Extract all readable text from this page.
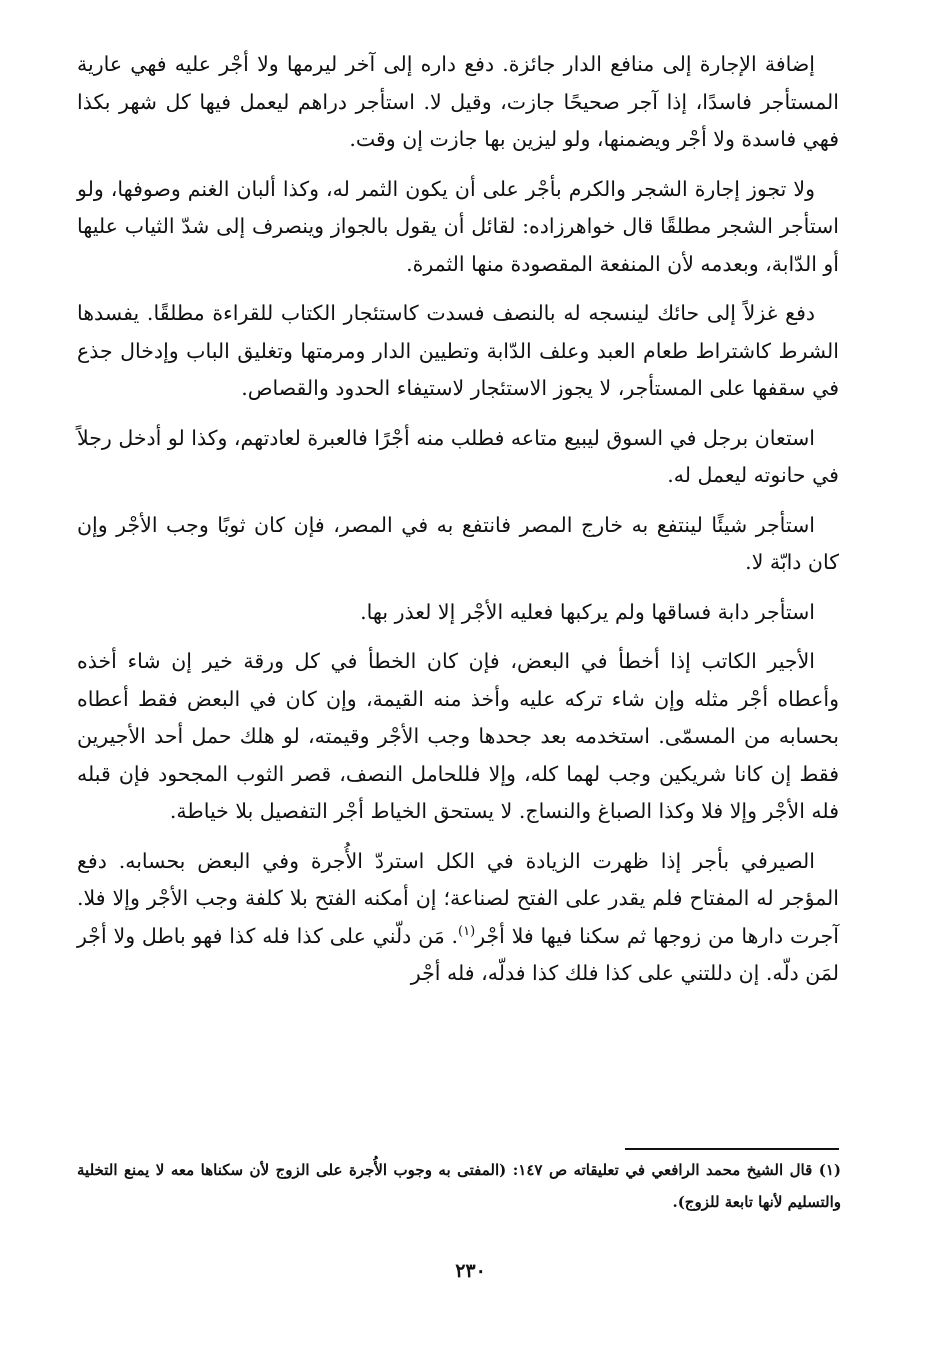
إضافة الإجارة إلى منافع الدار جائزة. دفع داره إلى آخر ليرمها ولا أجْر عليه فهي عارية المستأجر فاسدًا، إذا آجر صحيحًا جازت، وقيل لا. استأجر دراهم ليعمل فيها كل شهر بكذا فهي فاسدة ولا أجْر ويضمنها، ولو ليزين بها جازت إن وقت.

ولا تجوز إجارة الشجر والكرم بأجْر على أن يكون الثمر له، وكذا ألبان الغنم وصوفها، ولو استأجر الشجر مطلقًا قال خواهرزاده: لقائل أن يقول بالجواز وينصرف إلى شدّ الثياب عليها أو الدّابة، وبعدمه لأن المنفعة المقصودة منها الثمرة.

دفع غزلاً إلى حائك لينسجه له بالنصف فسدت كاستئجار الكتاب للقراءة مطلقًا. يفسدها الشرط كاشتراط طعام العبد وعلف الدّابة وتطيين الدار ومرمتها وتغليق الباب وإدخال جذع في سقفها على المستأجر، لا يجوز الاستئجار لاستيفاء الحدود والقصاص.

استعان برجل في السوق ليبيع متاعه فطلب منه أجْرًا فالعبرة لعادتهم، وكذا لو أدخل رجلاً في حانوته ليعمل له.

استأجر شيئًا لينتفع به خارج المصر فانتفع به في المصر، فإن كان ثوبًا وجب الأجْر وإن كان دابّة لا.

استأجر دابة فساقها ولم يركبها فعليه الأجْر إلا لعذر بها.

الأجير الكاتب إذا أخطأ في البعض، فإن كان الخطأ في كل ورقة خير إن شاء أخذه وأعطاه أجْر مثله وإن شاء تركه عليه وأخذ منه القيمة، وإن كان في البعض فقط أعطاه بحسابه من المسمّى. استخدمه بعد جحدها وجب الأجْر وقيمته، لو هلك حمل أحد الأجيرين فقط إن كانا شريكين وجب لهما كله، وإلا فللحامل النصف، قصر الثوب المجحود فإن قبله فله الأجْر وإلا فلا وكذا الصباغ والنساج. لا يستحق الخياط أجْر التفصيل بلا خياطة.

الصيرفي بأجر إذا ظهرت الزيادة في الكل استردّ الأُجرة وفي البعض بحسابه. دفع المؤجر له المفتاح فلم يقدر على الفتح لصناعة؛ إن أمكنه الفتح بلا كلفة وجب الأجْر وإلا فلا. آجرت دارها من زوجها ثم سكنا فيها فلا أجْر$^{(١)}$. مَن دلّني على كذا فله كذا فهو باطل ولا أجْر لمَن دلّه. إن دللتني على كذا فلك كذا فدلّه، فله أجْر

(١) قال الشيخ محمد الرافعي في تعليقاته ص ١٤٧: (المفتى به وجوب الأُجرة على الزوج لأن سكناها معه لا يمنع التخلية والتسليم لأنها تابعة للزوج).

٢٣٠
